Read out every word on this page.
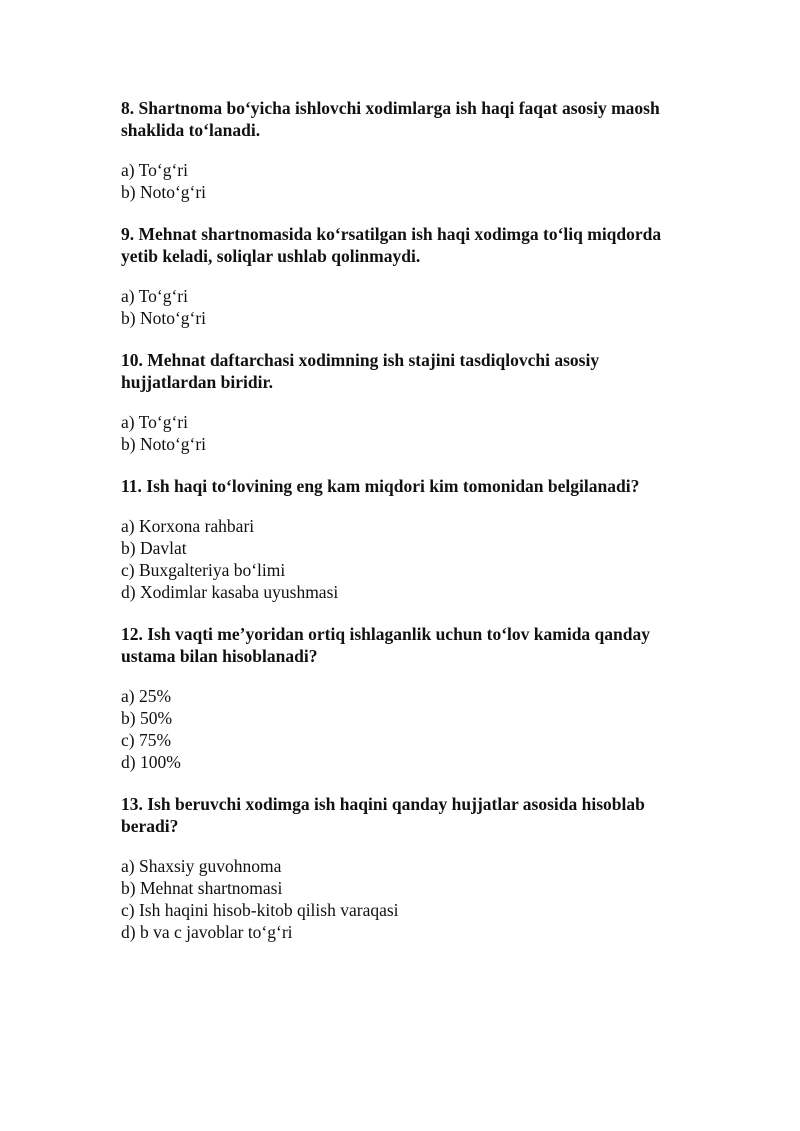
8. Shartnoma bo‘yicha ishlovchi xodimlarga ish haqi faqat asosiy maosh shaklida to‘lanadi.

a) To‘g‘ri
b) Noto‘g‘ri

9. Mehnat shartnomasida ko‘rsatilgan ish haqi xodimga to‘liq miqdorda yetib keladi, soliqlar ushlab qolinmaydi.

a) To‘g‘ri
b) Noto‘g‘ri

10. Mehnat daftarchasi xodimning ish stajini tasdiqlovchi asosiy hujjatlardan biridir.

a) To‘g‘ri
b) Noto‘g‘ri

11. Ish haqi to‘lovining eng kam miqdori kim tomonidan belgilanadi?

a) Korxona rahbari
b) Davlat
c) Buxgalteriya bo‘limi
d) Xodimlar kasaba uyushmasi

12. Ish vaqti me’yoridan ortiq ishlaganlik uchun to‘lov kamida qanday ustama bilan hisoblanadi?

a) 25%
b) 50%
c) 75%
d) 100%

13. Ish beruvchi xodimga ish haqini qanday hujjatlar asosida hisoblab beradi?

a) Shaxsiy guvohnoma
b) Mehnat shartnomasi
c) Ish haqini hisob-kitob qilish varaqasi
d) b va c javoblar to‘g‘ri
